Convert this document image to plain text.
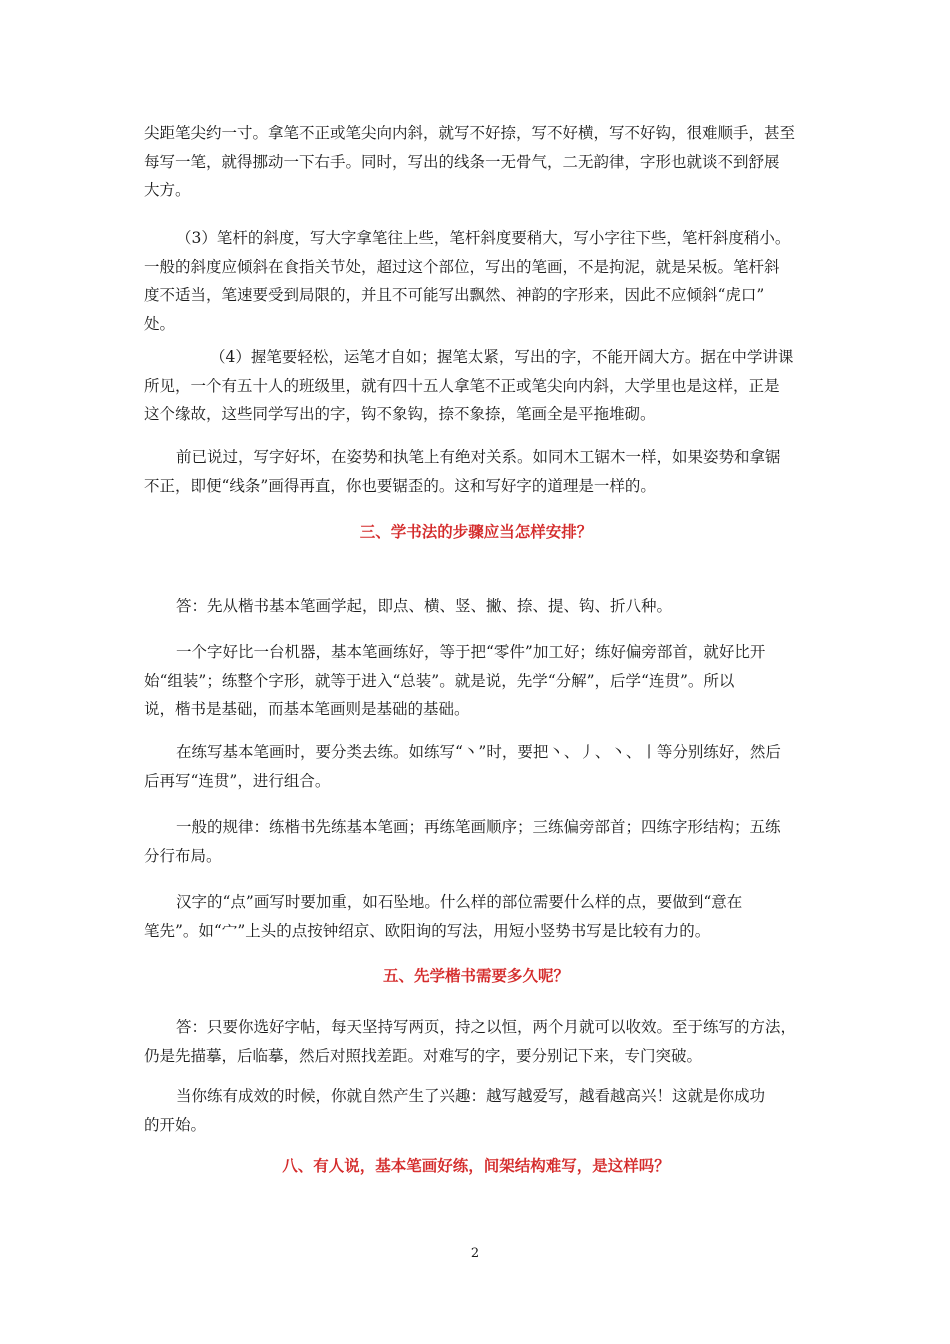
尖距笔尖约一寸。拿笔不正或笔尖向内斜，就写不好捺，写不好横，写不好钩，很难顺手，甚至
每写一笔，就得挪动一下右手。同时，写出的线条一无骨气，二无韵律，字形也就谈不到舒展
大方。

（3）笔杆的斜度，写大字拿笔往上些，笔杆斜度要稍大，写小字往下些，笔杆斜度稍小。
一般的斜度应倾斜在食指关节处，超过这个部位，写出的笔画，不是拘泥，就是呆板。笔杆斜
度不适当，笔速要受到局限的，并且不可能写出飘然、神韵的字形来，因此不应倾斜“虎口”
处。

（4）握笔要轻松，运笔才自如；握笔太紧，写出的字，不能开阔大方。据在中学讲课
所见，一个有五十人的班级里，就有四十五人拿笔不正或笔尖向内斜，大学里也是这样，正是
这个缘故，这些同学写出的字，钩不象钩，捺不象捺，笔画全是平拖堆砌。

前已说过，写字好坏，在姿势和执笔上有绝对关系。如同木工锯木一样，如果姿势和拿锯
不正，即便“线条”画得再直，你也要锯歪的。这和写好字的道理是一样的。

三、学书法的步骤应当怎样安排？

答：先从楷书基本笔画学起，即点、横、竖、撇、捺、提、钩、折八种。

一个字好比一台机器，基本笔画练好，等于把“零件”加工好；练好偏旁部首，就好比开
始“组装”；练整个字形，就等于进入“总装”。就是说，先学“分解”，后学“连贯”。所以
说，楷书是基础，而基本笔画则是基础的基础。

在练写基本笔画时，要分类去练。如练写“丶”时，要把丶、丿、丶、丨等分别练好，然后
后再写“连贯”，进行组合。

一般的规律：练楷书先练基本笔画；再练笔画顺序；三练偏旁部首；四练字形结构；五练
分行布局。

汉字的“点”画写时要加重，如石坠地。什么样的部位需要什么样的点，要做到“意在
笔先”。如“宀”上头的点按钟绍京、欧阳询的写法，用短小竖势书写是比较有力的。

五、先学楷书需要多久呢？

答：只要你选好字帖，每天坚持写两页，持之以恒，两个月就可以收效。至于练写的方法，
仍是先描摹，后临摹，然后对照找差距。对难写的字，要分别记下来，专门突破。

当你练有成效的时候，你就自然产生了兴趣：越写越爱写，越看越高兴！这就是你成功
的开始。

八、有人说，基本笔画好练，间架结构难写，是这样吗？
2
